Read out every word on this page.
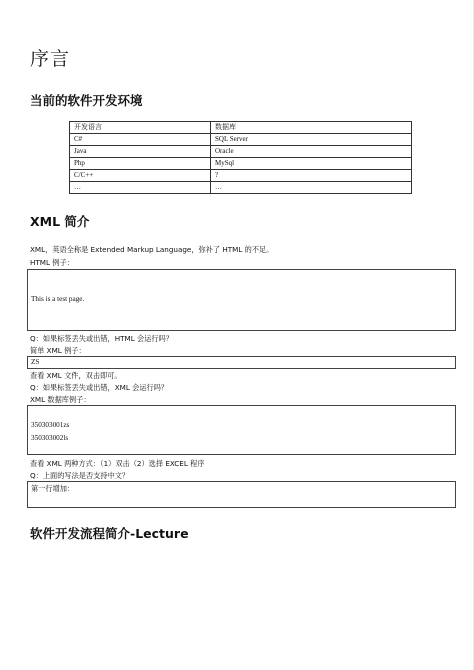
序言
当前的软件开发环境
开发语言	数据库
C#	SQL Server
Java	Oracle
Php	MySql
C/C++	?
…	…
XML 简介
XML，英语全称是 Extended Markup Language，弥补了 HTML 的不足。
HTML 例子：
This is a test page.
Q：如果标签丢失或出错，HTML 会运行吗？
简单 XML 例子：
ZS
查看 XML 文件，双击即可。
Q：如果标签丢失或出错，XML 会运行吗？
XML 数据库例子：
350303001zs
350303002ls
查看 XML 两种方式：（1）双击（2）选择 EXCEL 程序
Q：上面的写法是否支持中文？
第一行增加：
软件开发流程简介-Lecture
